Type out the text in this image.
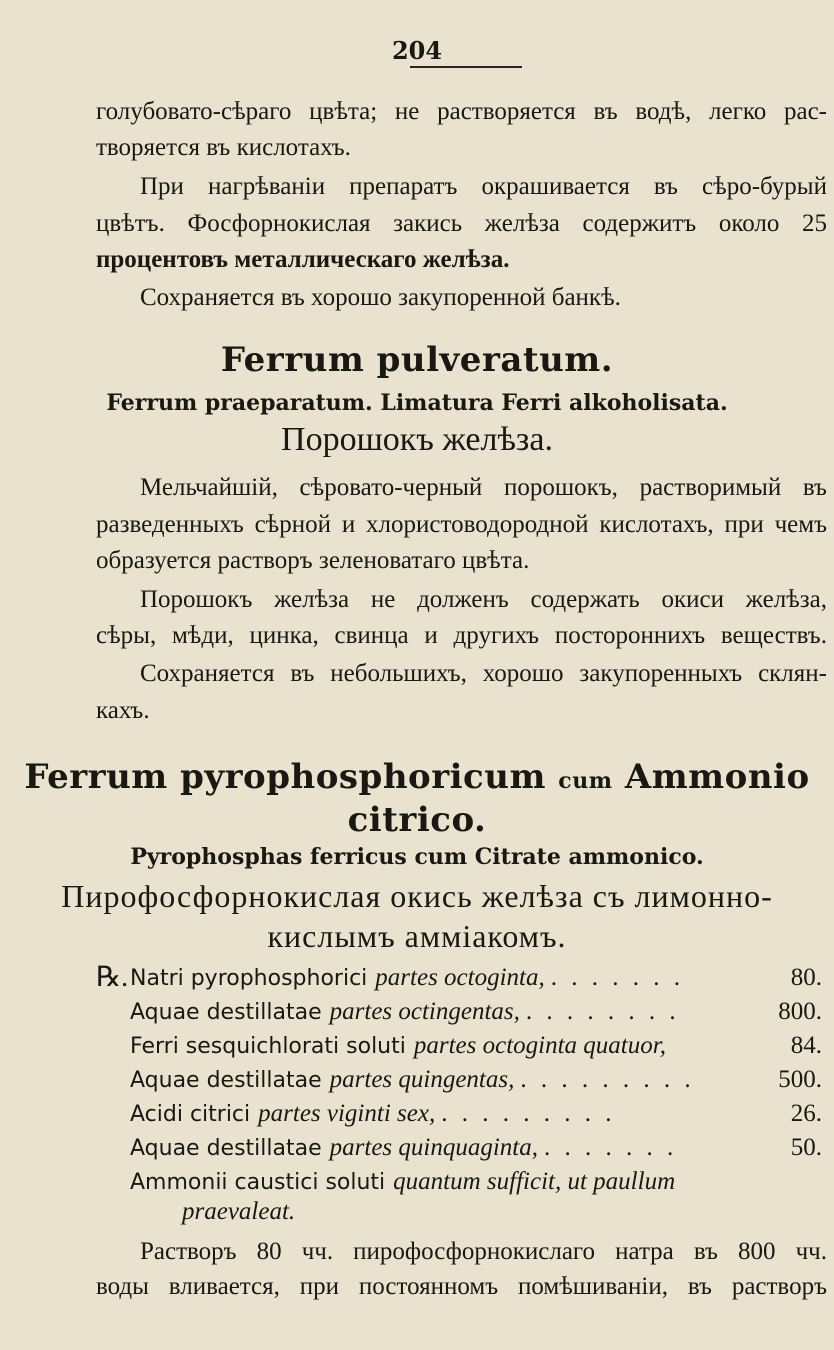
204
голубовато-сѣраго цвѣта; не растворяется въ водѣ, легко рас-
творяется въ кислотахъ.
При нагрѣваніи препаратъ окрашивается въ сѣро-бурый
цвѣтъ. Фосфорнокислая закись желѣза содержитъ около 25
процентовъ металлическаго желѣза.
Сохраняется въ хорошо закупоренной банкѣ.
Ferrum pulveratum.
Ferrum praeparatum. Limatura Ferri alkoholisata.
Порошокъ желѣза.
Мельчайшій, сѣровато-черный порошокъ, растворимый въ
разведенныхъ сѣрной и хлористоводородной кислотахъ, при чемъ
образуется растворъ зеленоватаго цвѣта.
Порошокъ желѣза не долженъ содержать окиси желѣза,
сѣры, мѣди, цинка, свинца и другихъ постороннихъ веществъ.
Сохраняется въ небольшихъ, хорошо закупоренныхъ склян-
кахъ.
Ferrum pyrophosphoricum cum Ammonio
citrico.
Pyrophosphas ferricus cum Citrate ammonico.
Пирофосфорнокислая окись желѣза съ лимонно-
кислымъ аммiакомъ.
℞. Natri pyrophosphorici partes octoginta, . . . . . . .	80.
Aquae destillatae partes octingentas, . . . . . . . .	800.
Ferri sesquichlorati soluti partes octoginta quatuor,	84.
Aquae destillatae partes quingentas, . . . . . . . . .	500.
Acidi citrici partes viginti sex, . . . . . . . . .	26.
Aquae destillatae partes quinquaginta, . . . . . . .	50.
Ammonii caustici soluti quantum sufficit, ut paullum
praevaleat.
Растворъ 80 чч. пирофосфорнокислаго натра въ 800 чч.
воды вливается, при постоянномъ помѣшиваніи, въ растворъ
